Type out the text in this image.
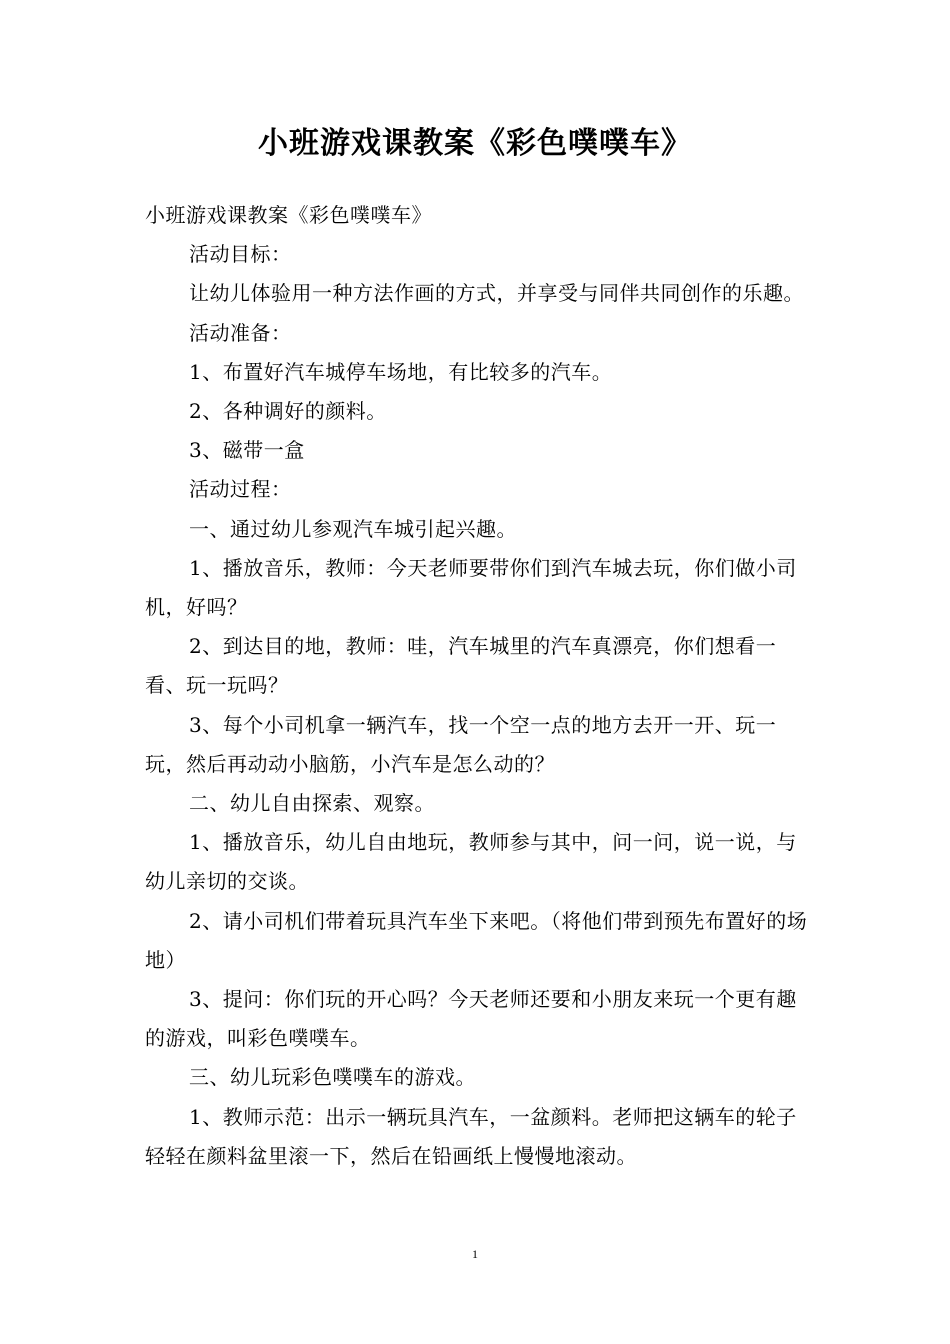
小班游戏课教案《彩色噗噗车》

小班游戏课教案《彩色噗噗车》

活动目标：

让幼儿体验用一种方法作画的方式，并享受与同伴共同创作的乐趣。

活动准备：

1、布置好汽车城停车场地，有比较多的汽车。

2、各种调好的颜料。

3、磁带一盒

活动过程：

一、通过幼儿参观汽车城引起兴趣。

1、播放音乐，教师：今天老师要带你们到汽车城去玩，你们做小司机，好吗？

2、到达目的地，教师：哇，汽车城里的汽车真漂亮，你们想看一看、玩一玩吗？

3、每个小司机拿一辆汽车，找一个空一点的地方去开一开、玩一玩，然后再动动小脑筋，小汽车是怎么动的？

二、幼儿自由探索、观察。

1、播放音乐，幼儿自由地玩，教师参与其中，问一问，说一说，与幼儿亲切的交谈。

2、请小司机们带着玩具汽车坐下来吧。（将他们带到预先布置好的场地）

3、提问：你们玩的开心吗？今天老师还要和小朋友来玩一个更有趣的游戏，叫彩色噗噗车。

三、幼儿玩彩色噗噗车的游戏。

1、教师示范：出示一辆玩具汽车，一盆颜料。老师把这辆车的轮子轻轻在颜料盆里滚一下，然后在铅画纸上慢慢地滚动。

1
